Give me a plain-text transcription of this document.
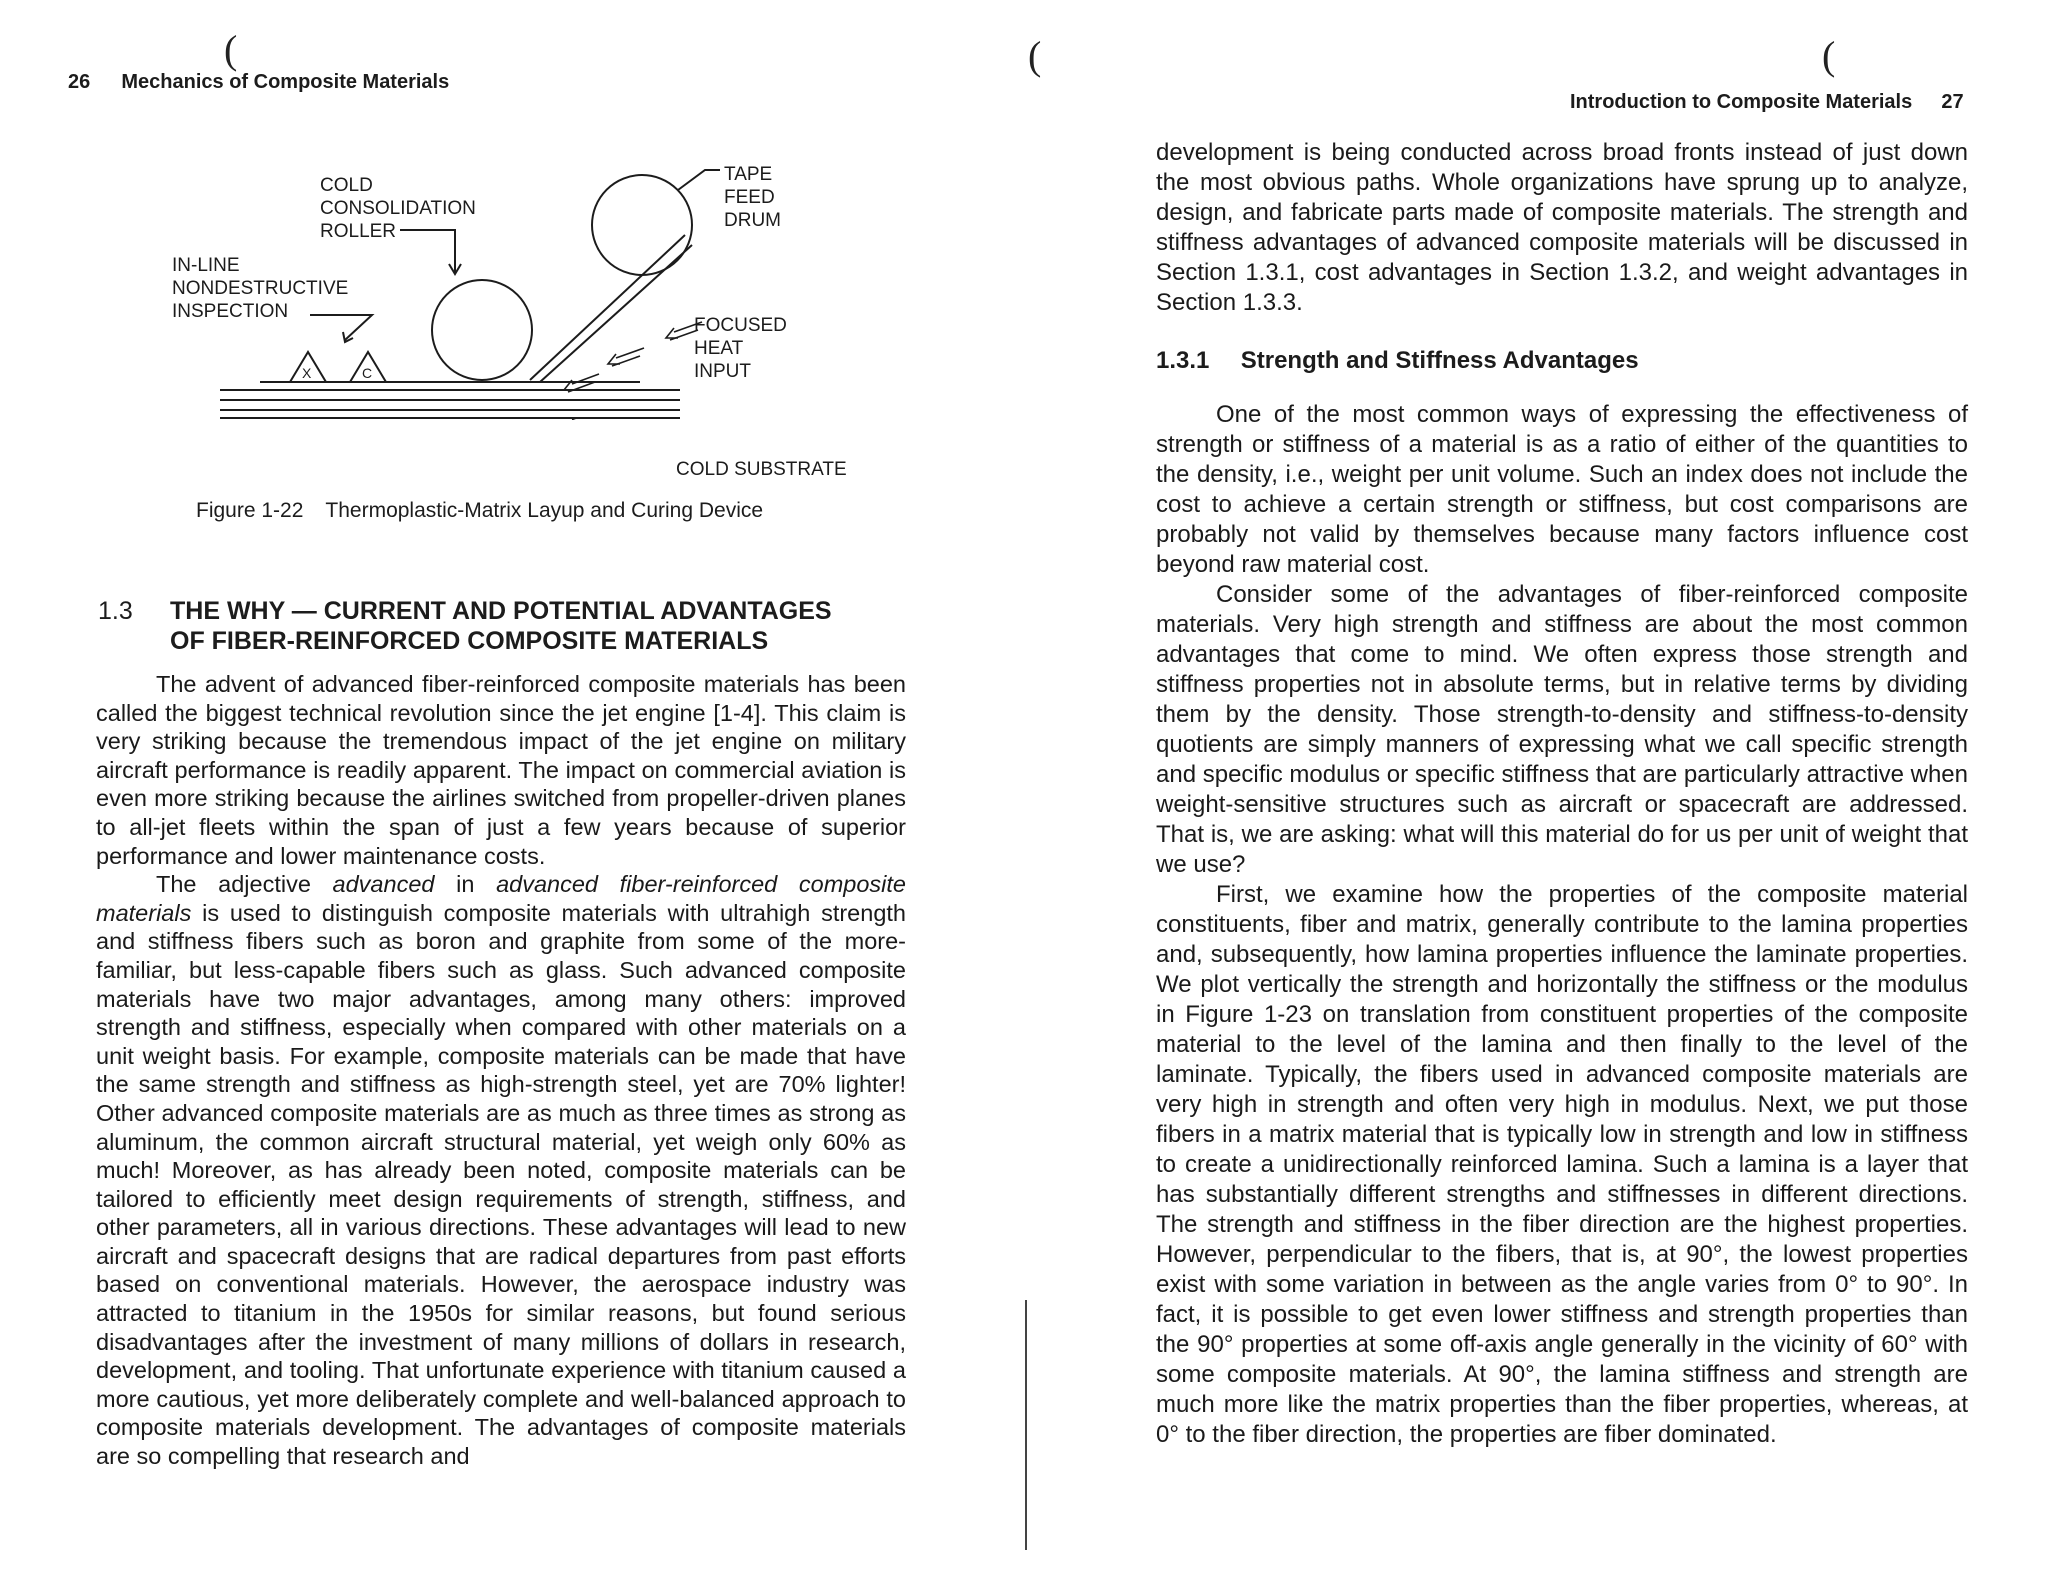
(
26 Mechanics of Composite Materials
X	C
COLD
CONSOLIDATION
ROLLER
IN-LINE
NONDESTRUCTIVE
INSPECTION
TAPE
FEED
DRUM
FOCUSED
HEAT
INPUT
COLD SUBSTRATE
Figure 1-22 Thermoplastic-Matrix Layup and Curing Device
1.3 THE WHY — CURRENT AND POTENTIAL ADVANTAGES
OF FIBER-REINFORCED COMPOSITE MATERIALS

The advent of advanced fiber-reinforced composite materials has been called the biggest technical revolution since the jet engine [1-4]. This claim is very striking because the tremendous impact of the jet engine on military aircraft performance is readily apparent. The impact on commercial aviation is even more striking because the airlines switched from propeller-driven planes to all-jet fleets within the span of just a few years because of superior performance and lower maintenance costs.

The adjective advanced in advanced fiber-reinforced composite materials is used to distinguish composite materials with ultrahigh strength and stiffness fibers such as boron and graphite from some of the more-familiar, but less-capable fibers such as glass. Such advanced composite materials have two major advantages, among many others: improved strength and stiffness, especially when compared with other materials on a unit weight basis. For example, composite materials can be made that have the same strength and stiffness as high-strength steel, yet are 70% lighter! Other advanced composite materials are as much as three times as strong as aluminum, the common aircraft structural material, yet weigh only 60% as much! Moreover, as has already been noted, composite materials can be tailored to efficiently meet design requirements of strength, stiffness, and other parameters, all in various directions. These advantages will lead to new aircraft and spacecraft designs that are radical departures from past efforts based on conventional materials. However, the aerospace industry was attracted to titanium in the 1950s for similar reasons, but found serious disadvantages after the investment of many millions of dollars in research, development, and tooling. That unfortunate experience with titanium caused a more cautious, yet more deliberately complete and well-balanced approach to composite materials development. The advantages of composite materials are so compelling that research and

(	(
Introduction to Composite Materials 27

development is being conducted across broad fronts instead of just down the most obvious paths. Whole organizations have sprung up to analyze, design, and fabricate parts made of composite materials. The strength and stiffness advantages of advanced composite materials will be discussed in Section 1.3.1, cost advantages in Section 1.3.2, and weight advantages in Section 1.3.3.

1.3.1 Strength and Stiffness Advantages

One of the most common ways of expressing the effectiveness of strength or stiffness of a material is as a ratio of either of the quantities to the density, i.e., weight per unit volume. Such an index does not include the cost to achieve a certain strength or stiffness, but cost comparisons are probably not valid by themselves because many factors influence cost beyond raw material cost.

Consider some of the advantages of fiber-reinforced composite materials. Very high strength and stiffness are about the most common advantages that come to mind. We often express those strength and stiffness properties not in absolute terms, but in relative terms by dividing them by the density. Those strength-to-density and stiffness-to-density quotients are simply manners of expressing what we call specific strength and specific modulus or specific stiffness that are particularly attractive when weight-sensitive structures such as aircraft or spacecraft are addressed. That is, we are asking: what will this material do for us per unit of weight that we use?

First, we examine how the properties of the composite material constituents, fiber and matrix, generally contribute to the lamina properties and, subsequently, how lamina properties influence the laminate properties. We plot vertically the strength and horizontally the stiffness or the modulus in Figure 1-23 on translation from constituent properties of the composite material to the level of the lamina and then finally to the level of the laminate. Typically, the fibers used in advanced composite materials are very high in strength and often very high in modulus. Next, we put those fibers in a matrix material that is typically low in strength and low in stiffness to create a unidirectionally reinforced lamina. Such a lamina is a layer that has substantially different strengths and stiffnesses in different directions. The strength and stiffness in the fiber direction are the highest properties. However, perpendicular to the fibers, that is, at 90°, the lowest properties exist with some variation in between as the angle varies from 0° to 90°. In fact, it is possible to get even lower stiffness and strength properties than the 90° properties at some off-axis angle generally in the vicinity of 60° with some composite materials. At 90°, the lamina stiffness and strength are much more like the matrix properties than the fiber properties, whereas, at 0° to the fiber direction, the properties are fiber dominated.
